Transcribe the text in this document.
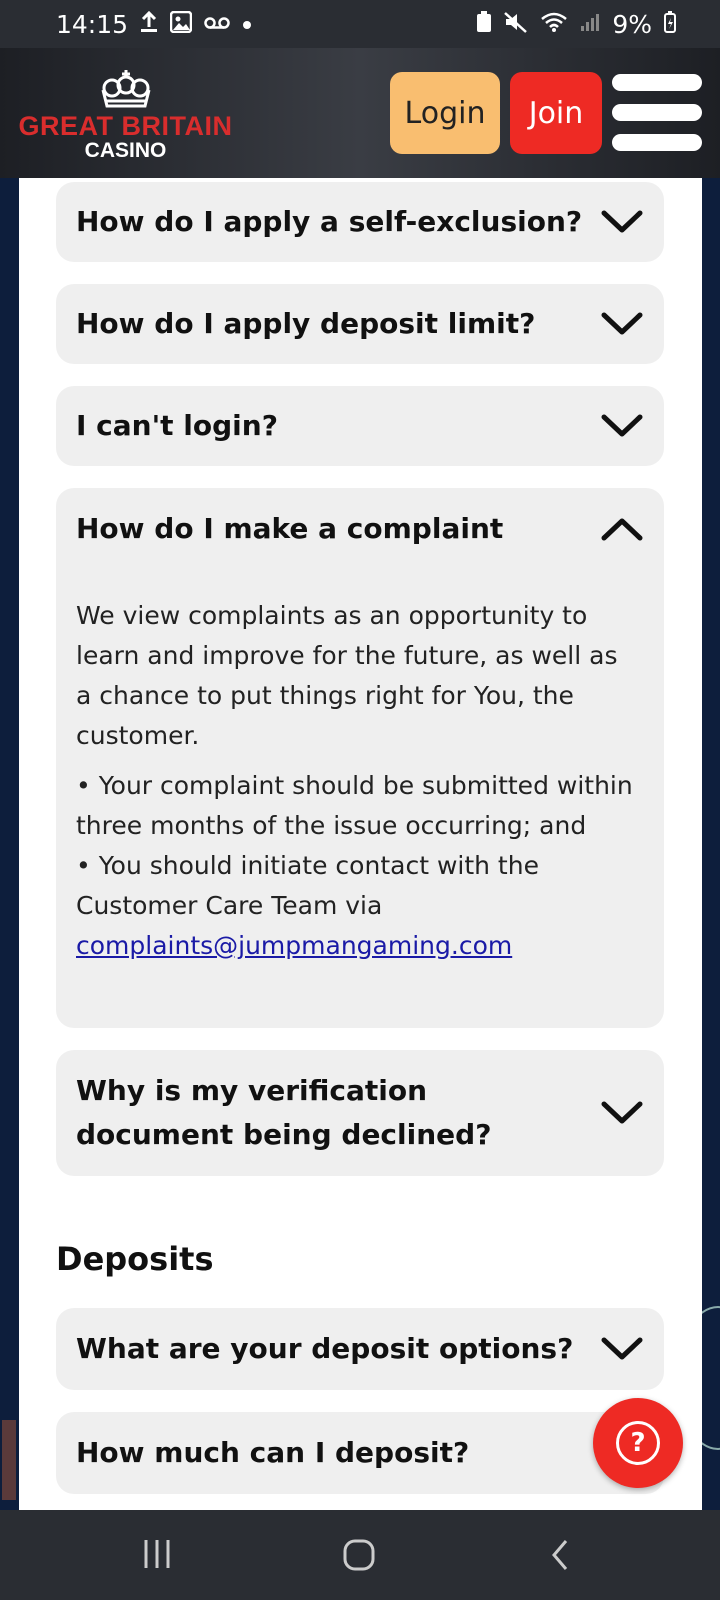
14:15	9%
GREAT BRITAIN
CASINO
Login	Join
How do I apply a self-exclusion?
How do I apply deposit limit?
I can't login?
How do I make a complaint

We view complaints as an opportunity to learn and improve for the future, as well as a chance to put things right for You, the customer.

• Your complaint should be submitted within three months of the issue occurring; and

• You should initiate contact with the Customer Care Team via
complaints@jumpmangaming.com

Why is my verification document being declined?
Deposits
What are your deposit options?
How much can I deposit?	?
